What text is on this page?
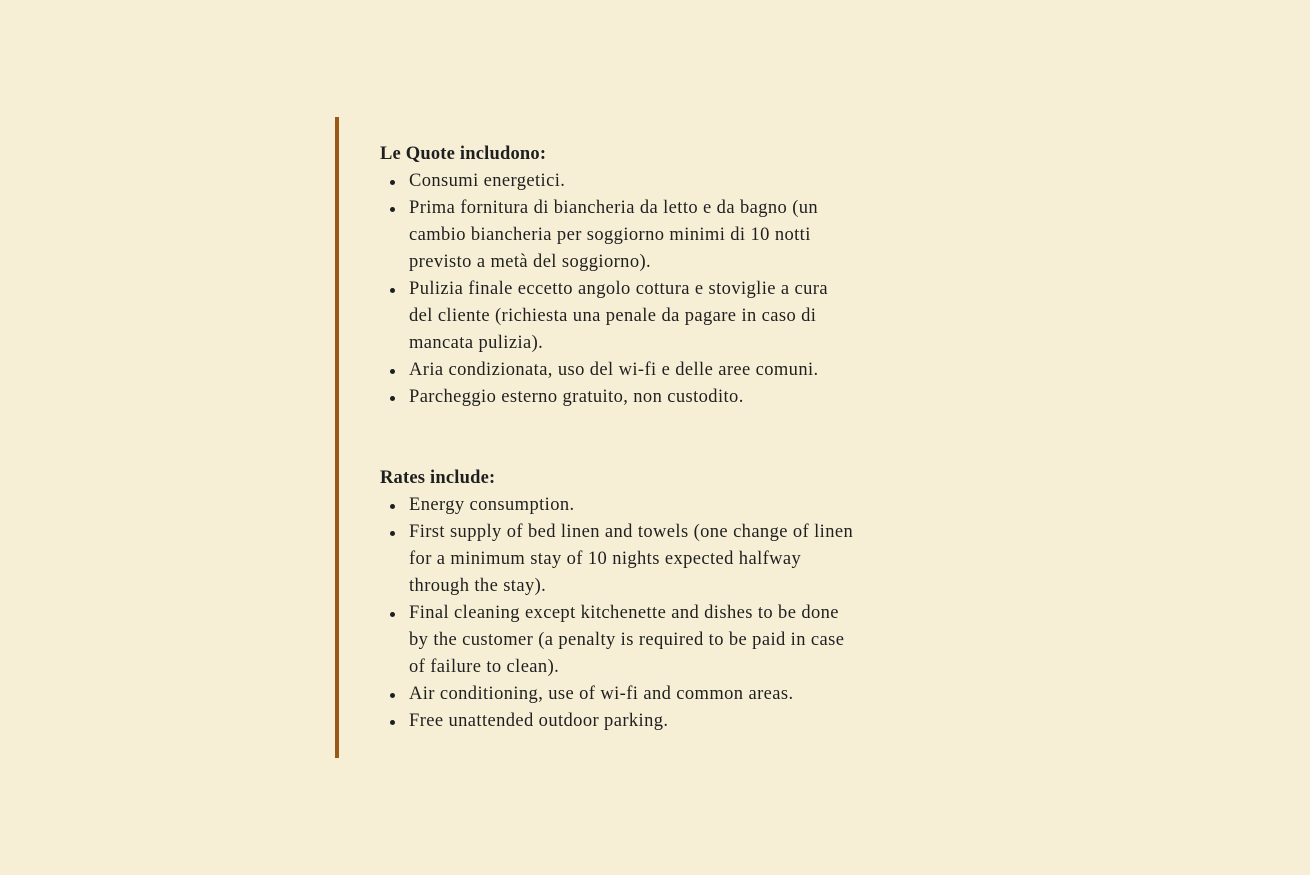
Le Quote includono:

Consumi energetici.
Prima fornitura di biancheria da letto e da bagno (un
cambio biancheria per soggiorno minimi di 10 notti
previsto a metà del soggiorno).
Pulizia finale eccetto angolo cottura e stoviglie a cura
del cliente (richiesta una penale da pagare in caso di
mancata pulizia).
Aria condizionata, uso del wi-fi e delle aree comuni.
Parcheggio esterno gratuito, non custodito.

Rates include:

Energy consumption.
First supply of bed linen and towels (one change of linen
for a minimum stay of 10 nights expected halfway
through the stay).
Final cleaning except kitchenette and dishes to be done
by the customer (a penalty is required to be paid in case
of failure to clean).
Air conditioning, use of wi-fi and common areas.
Free unattended outdoor parking.
